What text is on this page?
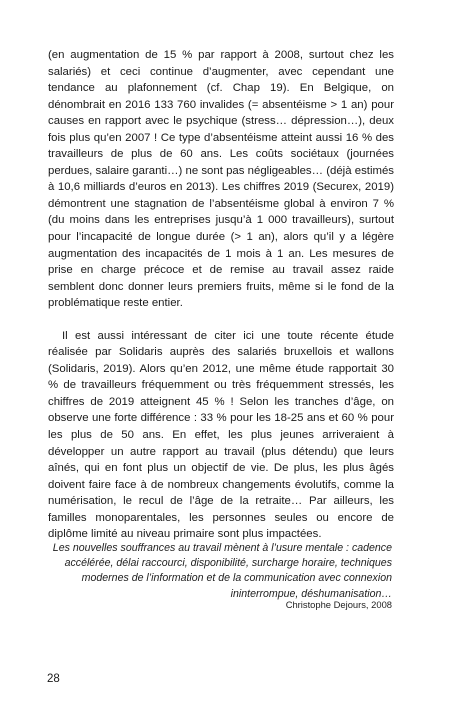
(en augmentation de 15 % par rapport à 2008, surtout chez les salariés) et ceci continue d’augmenter, avec cependant une tendance au plafonnement (cf. Chap 19). En Belgique, on dénombrait en 2016 133 760 invalides (= absentéisme > 1 an) pour causes en rapport avec le psychique (stress… dépression…), deux fois plus qu’en 2007 ! Ce type d’absentéisme atteint aussi 16 % des travailleurs de plus de 60 ans. Les coûts sociétaux (journées perdues, salaire garanti…) ne sont pas négligeables… (déjà estimés à 10,6 milliards d’euros en 2013). Les chiffres 2019 (Securex, 2019) démontrent une stagnation de l’absentéisme global à environ 7 % (du moins dans les entreprises jusqu’à 1 000 travailleurs), surtout pour l’incapacité de longue durée (> 1 an), alors qu’il y a légère augmentation des incapacités de 1 mois à 1 an. Les mesures de prise en charge précoce et de remise au travail assez raide semblent donc donner leurs premiers fruits, même si le fond de la problématique reste entier.

Il est aussi intéressant de citer ici une toute récente étude réalisée par Solidaris auprès des salariés bruxellois et wallons (Solidaris, 2019). Alors qu’en 2012, une même étude rapportait 30 % de travailleurs fréquemment ou très fréquemment stressés, les chiffres de 2019 atteignent 45 % ! Selon les tranches d’âge, on observe une forte différence : 33 % pour les 18-25 ans et 60 % pour les plus de 50 ans. En effet, les plus jeunes arriveraient à développer un autre rapport au travail (plus détendu) que leurs aînés, qui en font plus un objectif de vie. De plus, les plus âgés doivent faire face à de nombreux changements évolutifs, comme la numérisation, le recul de l’âge de la retraite… Par ailleurs, les familles monoparentales, les personnes seules ou encore de diplôme limité au niveau primaire sont plus impactées.

Les nouvelles souffrances au travail mènent à l’usure mentale : cadence accélérée, délai raccourci, disponibilité, surcharge horaire, techniques modernes de l’information et de la communication avec connexion ininterrompue, déshumanisation…
Christophe Dejours, 2008
28
